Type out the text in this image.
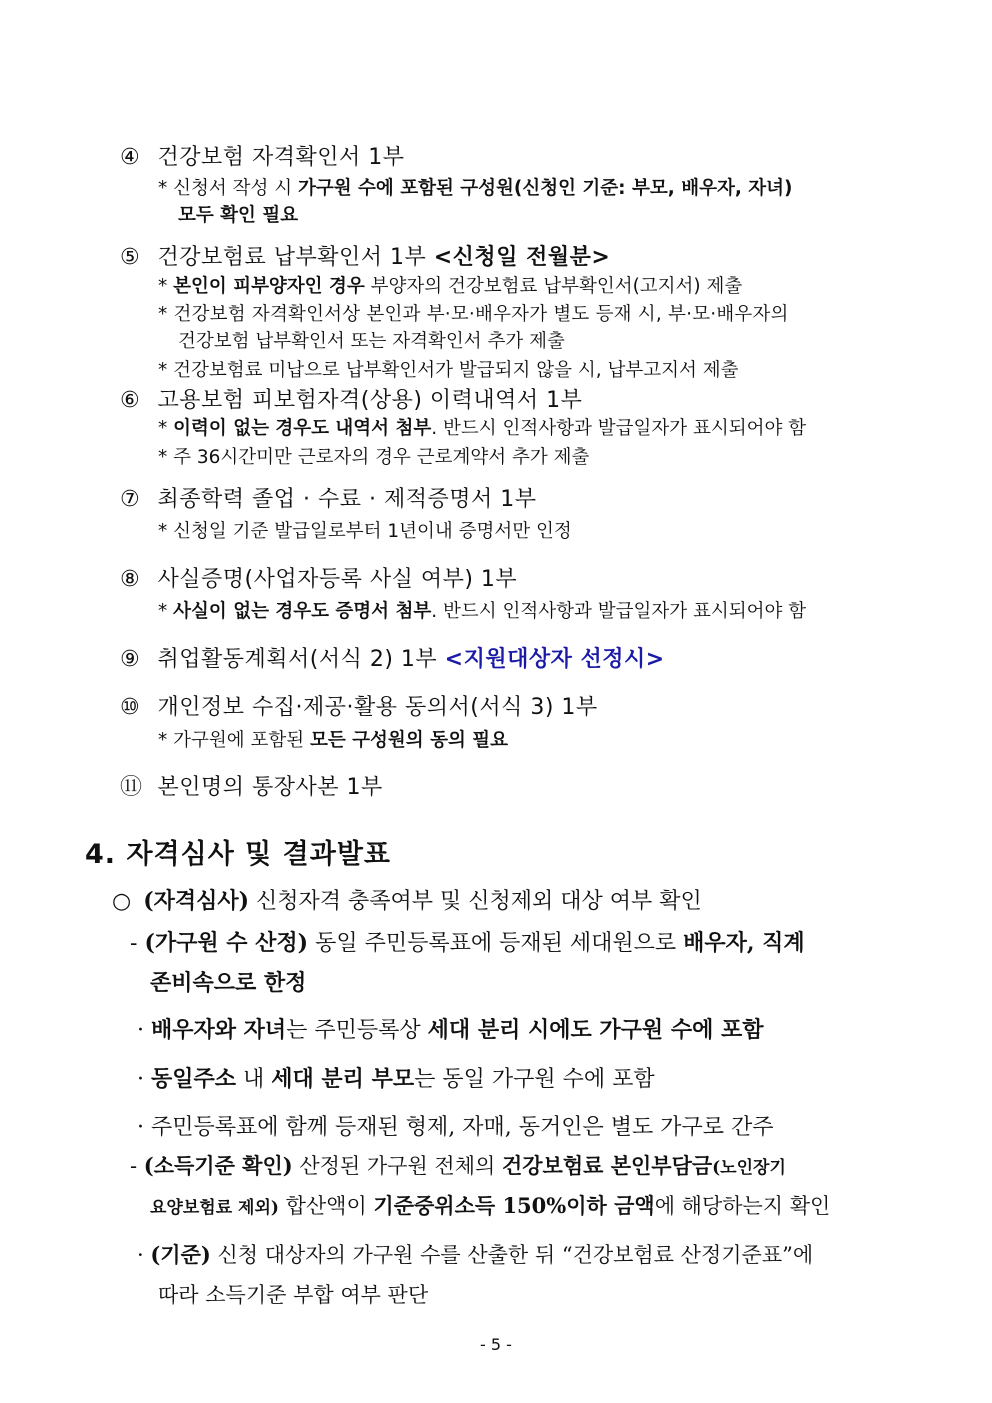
④ 건강보험 자격확인서 1부
* 신청서 작성 시 가구원 수에 포함된 구성원(신청인 기준: 부모, 배우자, 자녀)
모두 확인 필요
⑤ 건강보험료 납부확인서 1부 <신청일 전월분>
* 본인이 피부양자인 경우 부양자의 건강보험료 납부확인서(고지서) 제출
* 건강보험 자격확인서상 본인과 부·모·배우자가 별도 등재 시, 부·모·배우자의
건강보험 납부확인서 또는 자격확인서 추가 제출
* 건강보험료 미납으로 납부확인서가 발급되지 않을 시, 납부고지서 제출
⑥ 고용보험 피보험자격(상용) 이력내역서 1부
* 이력이 없는 경우도 내역서 첨부. 반드시 인적사항과 발급일자가 표시되어야 함
* 주 36시간미만 근로자의 경우 근로계약서 추가 제출
⑦ 최종학력 졸업 · 수료 · 제적증명서 1부
* 신청일 기준 발급일로부터 1년이내 증명서만 인정
⑧ 사실증명(사업자등록 사실 여부) 1부
* 사실이 없는 경우도 증명서 첨부. 반드시 인적사항과 발급일자가 표시되어야 함
⑨ 취업활동계획서(서식 2) 1부 <지원대상자 선정시>
⑩ 개인정보 수집·제공·활용 동의서(서식 3) 1부
* 가구원에 포함된 모든 구성원의 동의 필요
⑪ 본인명의 통장사본 1부
4. 자격심사 및 결과발표
○ (자격심사) 신청자격 충족여부 및 신청제외 대상 여부 확인
- (가구원 수 산정) 동일 주민등록표에 등재된 세대원으로 배우자, 직계
존비속으로 한정
· 배우자와 자녀는 주민등록상 세대 분리 시에도 가구원 수에 포함
· 동일주소 내 세대 분리 부모는 동일 가구원 수에 포함
· 주민등록표에 함께 등재된 형제, 자매, 동거인은 별도 가구로 간주
- (소득기준 확인) 산정된 가구원 전체의 건강보험료 본인부담금(노인장기
요양보험료 제외) 합산액이 기준중위소득 150%이하 금액에 해당하는지 확인
· (기준) 신청 대상자의 가구원 수를 산출한 뒤 “건강보험료 산정기준표”에
따라 소득기준 부합 여부 판단
- 5 -
